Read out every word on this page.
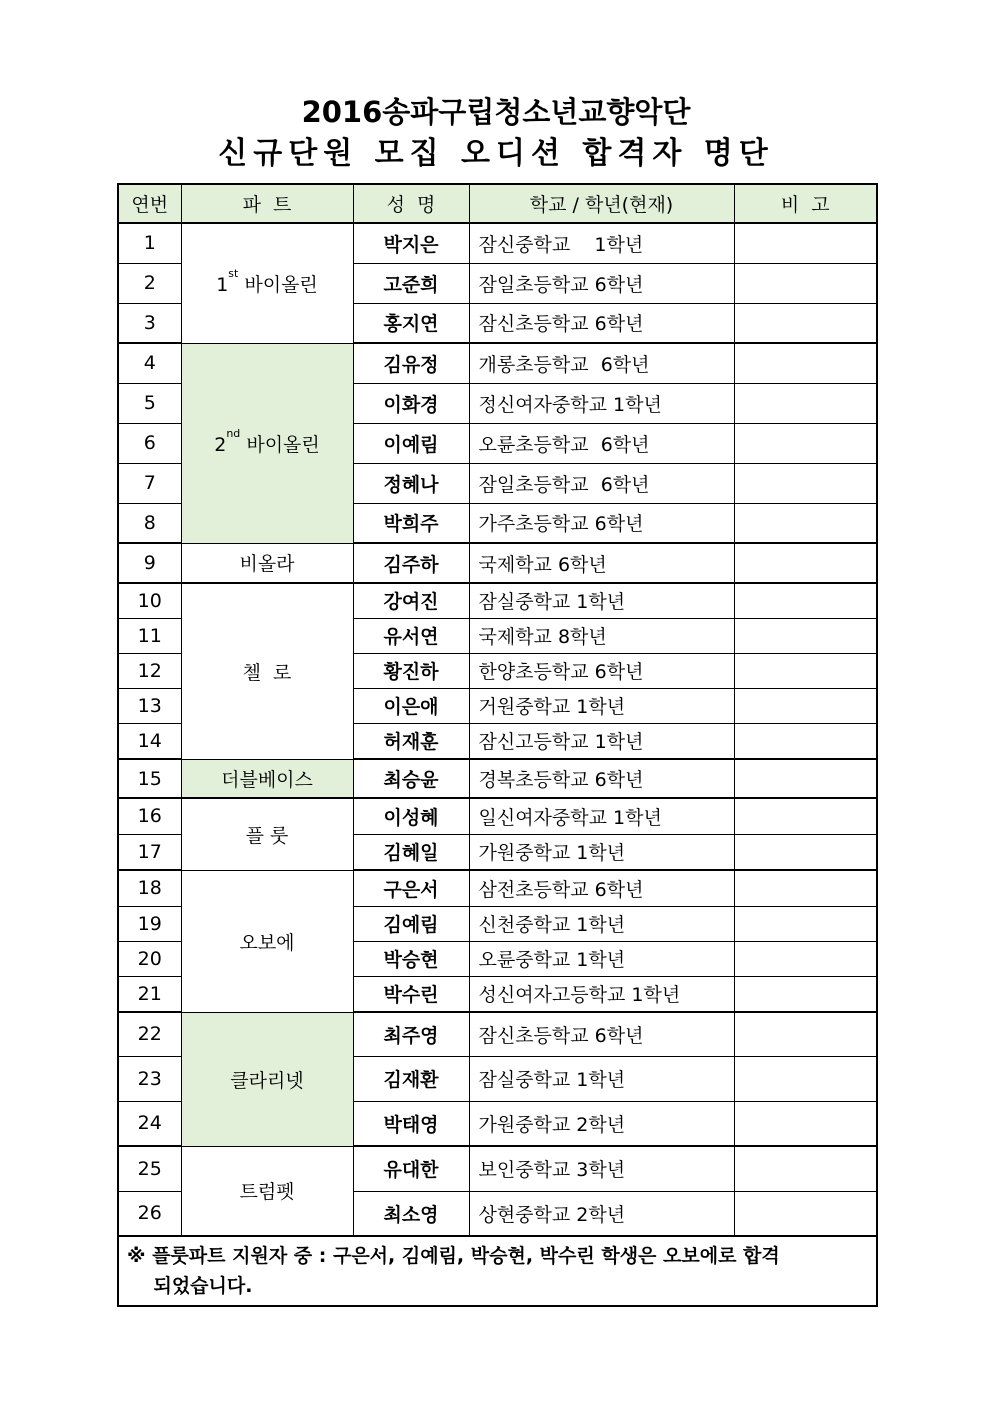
2016송파구립청소년교향악단
신규단원 모집 오디션 합격자 명단
연번	파  트	성  명	학교 / 학년(현재)	비  고
1	1st 바이올린	박지은	잠신중학교    1학년	
2		고준희	잠일초등학교 6학년	
3		홍지연	잠신초등학교 6학년	
4	2nd 바이올린	김유정	개롱초등학교  6학년	
5		이화경	정신여자중학교 1학년	
6		이예림	오륜초등학교  6학년	
7		정혜나	잠일초등학교  6학년	
8		박희주	가주초등학교 6학년	
9	비올라	김주하	국제학교 6학년	
10	첼  로	강여진	잠실중학교 1학년	
11		유서연	국제학교 8학년	
12		황진하	한양초등학교 6학년	
13		이은애	거원중학교 1학년	
14		허재훈	잠신고등학교 1학년	
15	더블베이스	최승윤	경복초등학교 6학년	
16	플 룻	이성혜	일신여자중학교 1학년	
17		김혜일	가원중학교 1학년	
18	오보에	구은서	삼전초등학교 6학년	
19		김예림	신천중학교 1학년	
20		박승현	오륜중학교 1학년	
21		박수린	성신여자고등학교 1학년	
22	클라리넷	최주영	잠신초등학교 6학년	
23		김재환	잠실중학교 1학년	
24		박태영	가원중학교 2학년	
25	트럼펫	유대한	보인중학교 3학년	
26		최소영	상현중학교 2학년	
※ 플룻파트 지원자 중 : 구은서, 김예림, 박승현, 박수린 학생은 오보에로 합격
되었습니다.				
